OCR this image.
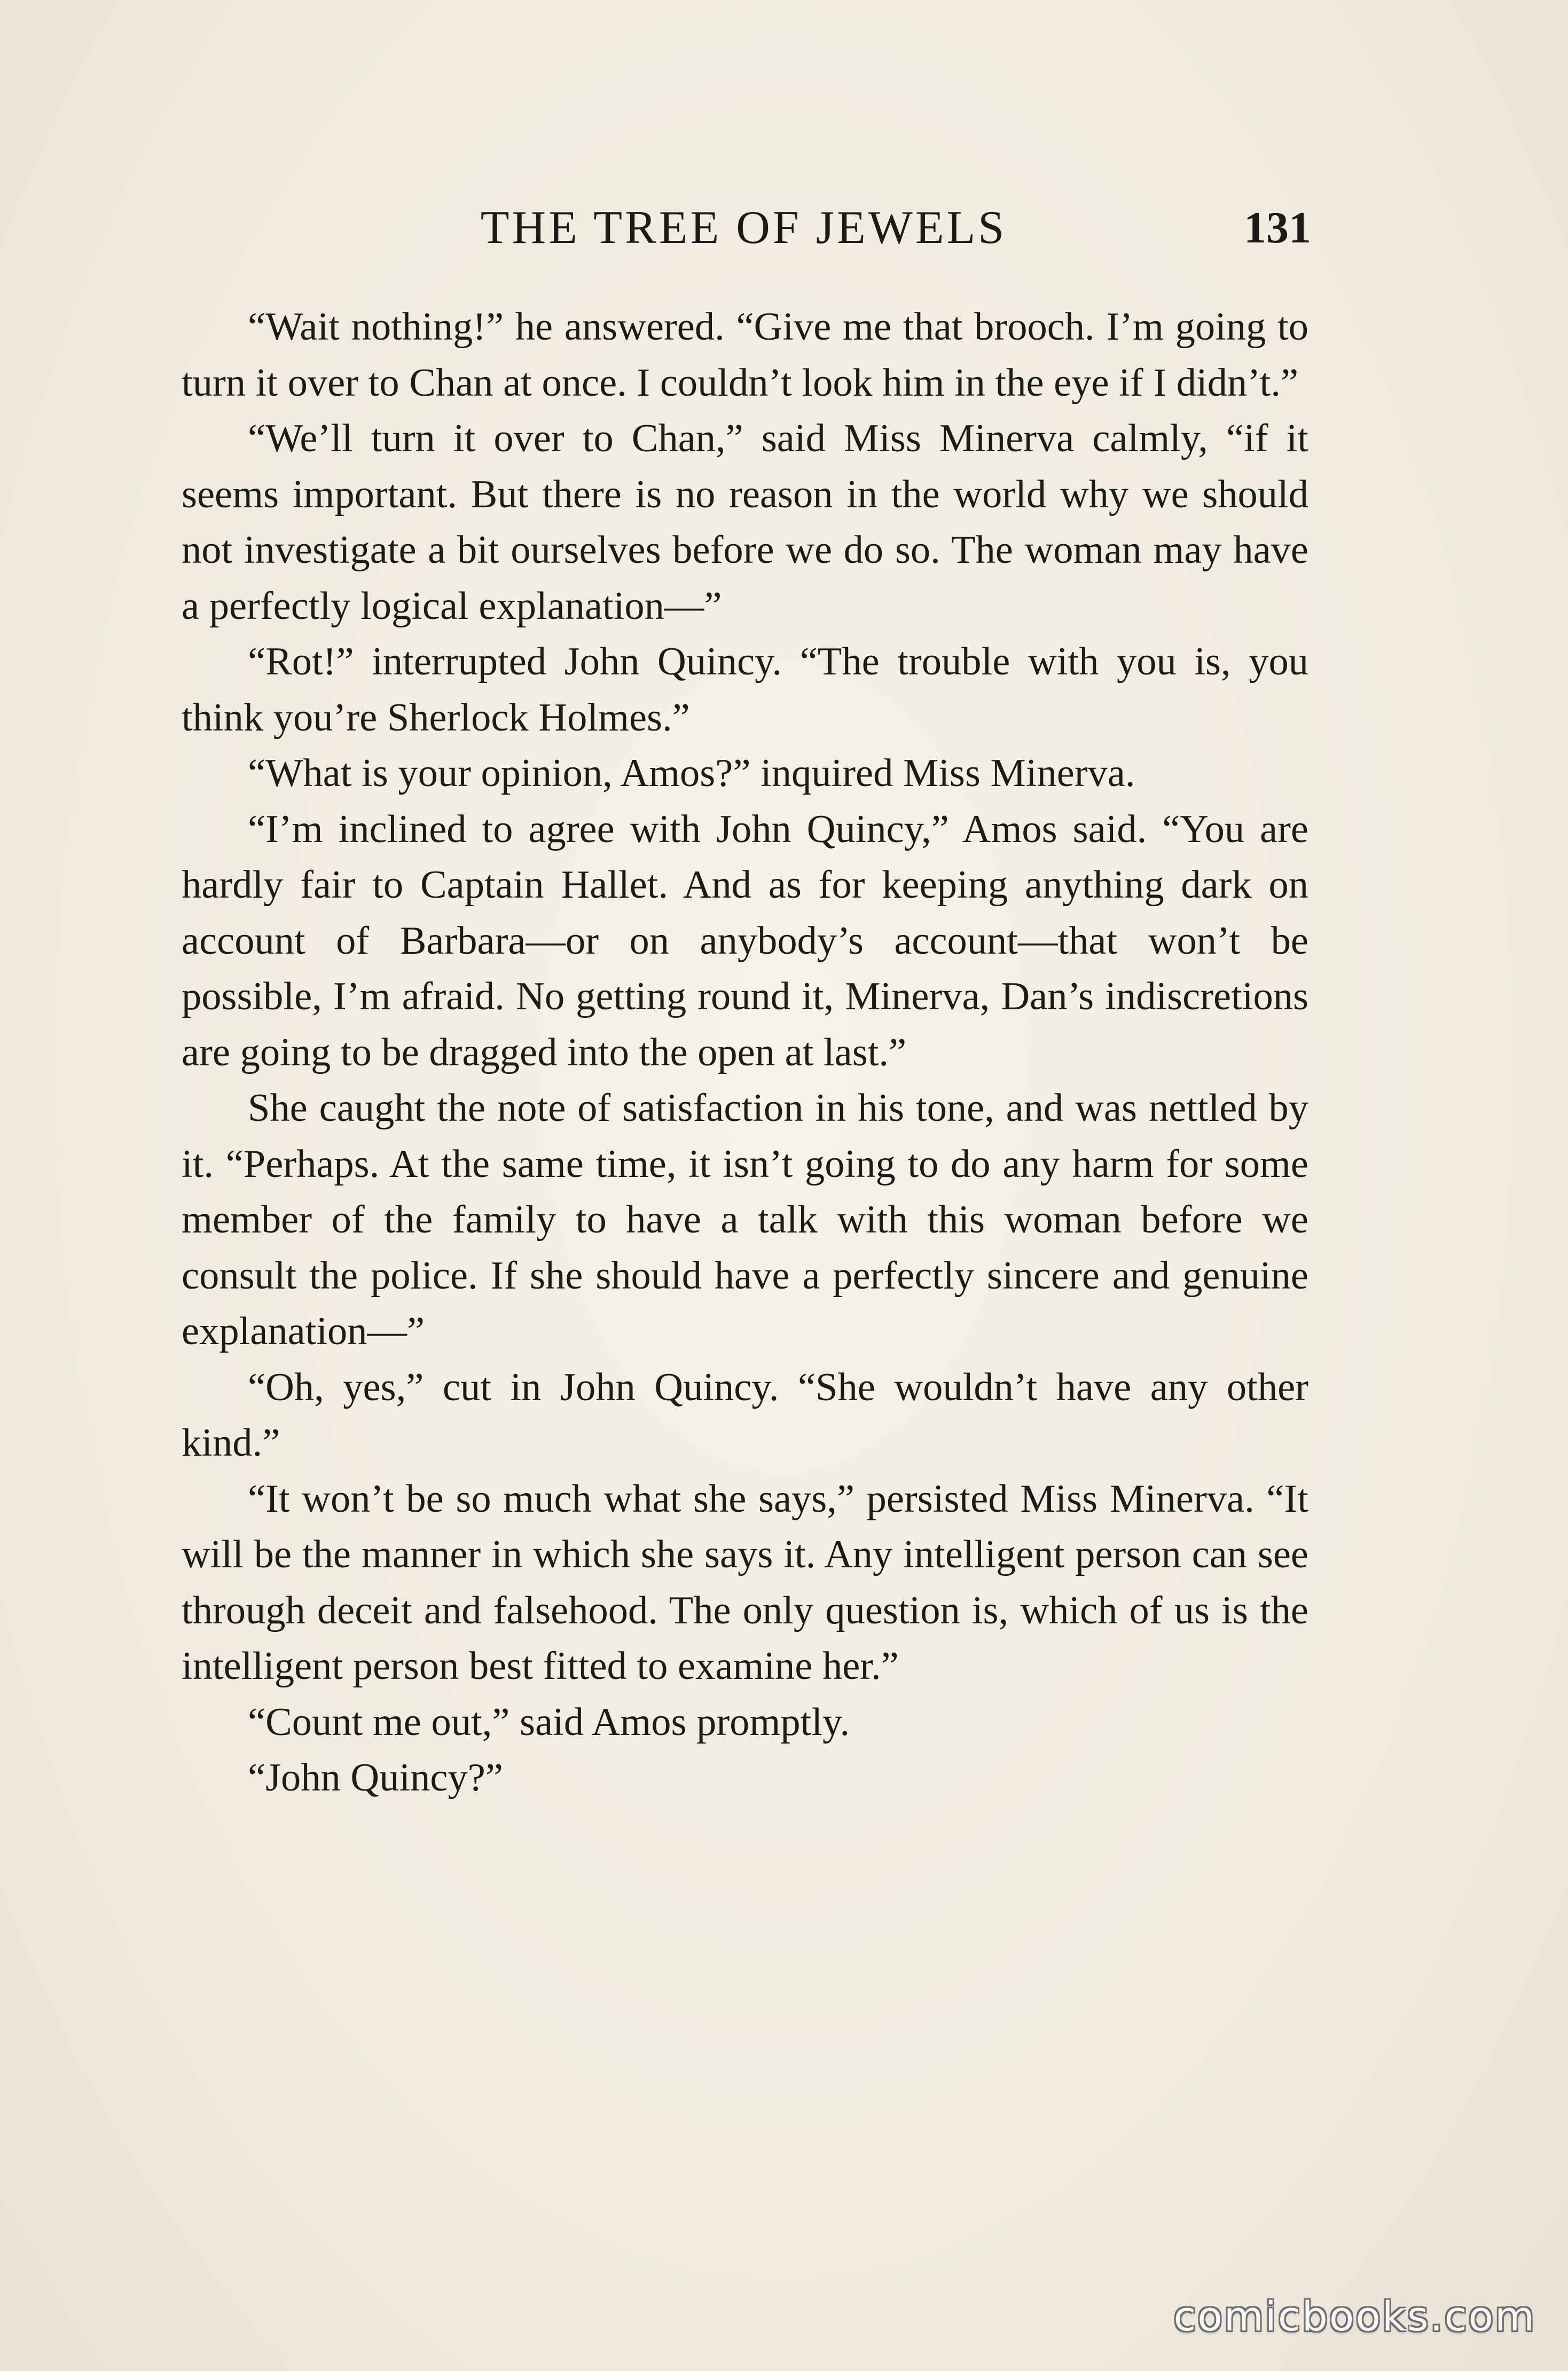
THE TREE OF JEWELS	131

“Wait nothing!” he answered. “Give me that brooch. I’m going to turn it over to Chan at once. I couldn’t look him in the eye if I didn’t.”

“We’ll turn it over to Chan,” said Miss Minerva calmly, “if it seems important. But there is no reason in the world why we should not investigate a bit ourselves before we do so. The woman may have a perfectly logical explanation—”

“Rot!” interrupted John Quincy. “The trouble with you is, you think you’re Sherlock Holmes.”

“What is your opinion, Amos?” inquired Miss Minerva.

“I’m inclined to agree with John Quincy,” Amos said. “You are hardly fair to Captain Hallet. And as for keeping anything dark on account of Barbara—or on anybody’s account—that won’t be possible, I’m afraid. No getting round it, Minerva, Dan’s indiscretions are going to be dragged into the open at last.”

She caught the note of satisfaction in his tone, and was nettled by it. “Perhaps. At the same time, it isn’t going to do any harm for some member of the family to have a talk with this woman before we consult the police. If she should have a perfectly sincere and genuine explanation—”

“Oh, yes,” cut in John Quincy. “She wouldn’t have any other kind.”

“It won’t be so much what she says,” persisted Miss Minerva. “It will be the manner in which she says it. Any intelligent person can see through deceit and falsehood. The only question is, which of us is the intelligent person best fitted to examine her.”

“Count me out,” said Amos promptly.

“John Quincy?”

comicbooks.com
